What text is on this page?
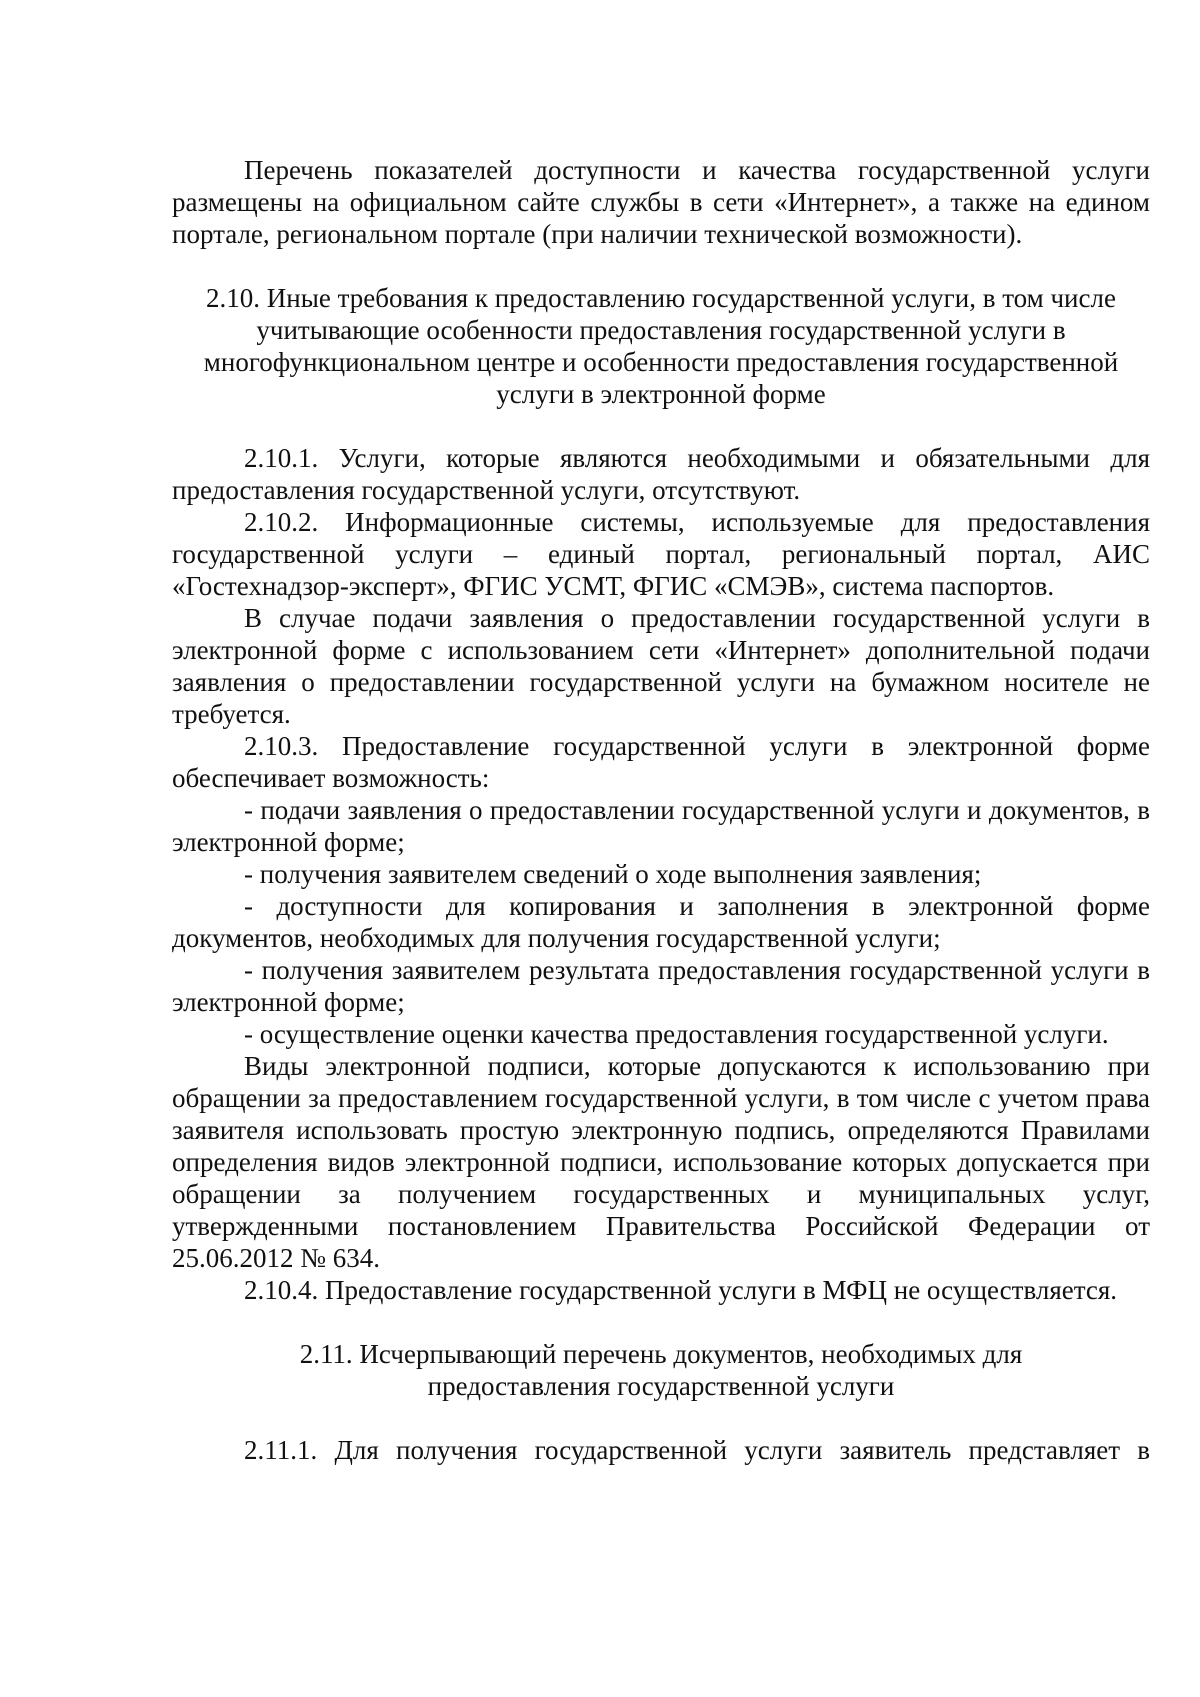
Перечень показателей доступности и качества государственной услуги размещены на официальном сайте службы в сети «Интернет», а также на едином портале, региональном портале (при наличии технической возможности).

2.10. Иные требования к предоставлению государственной услуги, в том числе

учитывающие особенности предоставления государственной услуги в

многофункциональном центре и особенности предоставления государственной

услуги в электронной форме

2.10.1. Услуги, которые являются необходимыми и обязательными для предоставления государственной услуги, отсутствуют.

2.10.2. Информационные системы, используемые для предоставления государственной услуги – единый портал, региональный портал, АИС «Гостехнадзор-эксперт», ФГИС УСМТ, ФГИС «СМЭВ», система паспортов.

В случае подачи заявления о предоставлении государственной услуги в электронной форме с использованием сети «Интернет» дополнительной подачи заявления о предоставлении государственной услуги на бумажном носителе не требуется.

2.10.3. Предоставление государственной услуги в электронной форме обеспечивает возможность:

- подачи заявления о предоставлении государственной услуги и документов, в электронной форме;

- получения заявителем сведений о ходе выполнения заявления;

- доступности для копирования и заполнения в электронной форме документов, необходимых для получения государственной услуги;

- получения заявителем результата предоставления государственной услуги в электронной форме;

- осуществление оценки качества предоставления государственной услуги.

Виды электронной подписи, которые допускаются к использованию при обращении за предоставлением государственной услуги, в том числе с учетом права заявителя использовать простую электронную подпись, определяются Правилами определения видов электронной подписи, использование которых допускается при обращении за получением государственных и муниципальных услуг, утвержденными постановлением Правительства Российской Федерации от 25.06.2012 № 634.

2.10.4. Предоставление государственной услуги в МФЦ не осуществляется.

2.11. Исчерпывающий перечень документов, необходимых для

предоставления государственной услуги

2.11.1. Для получения государственной услуги заявитель представляет в
